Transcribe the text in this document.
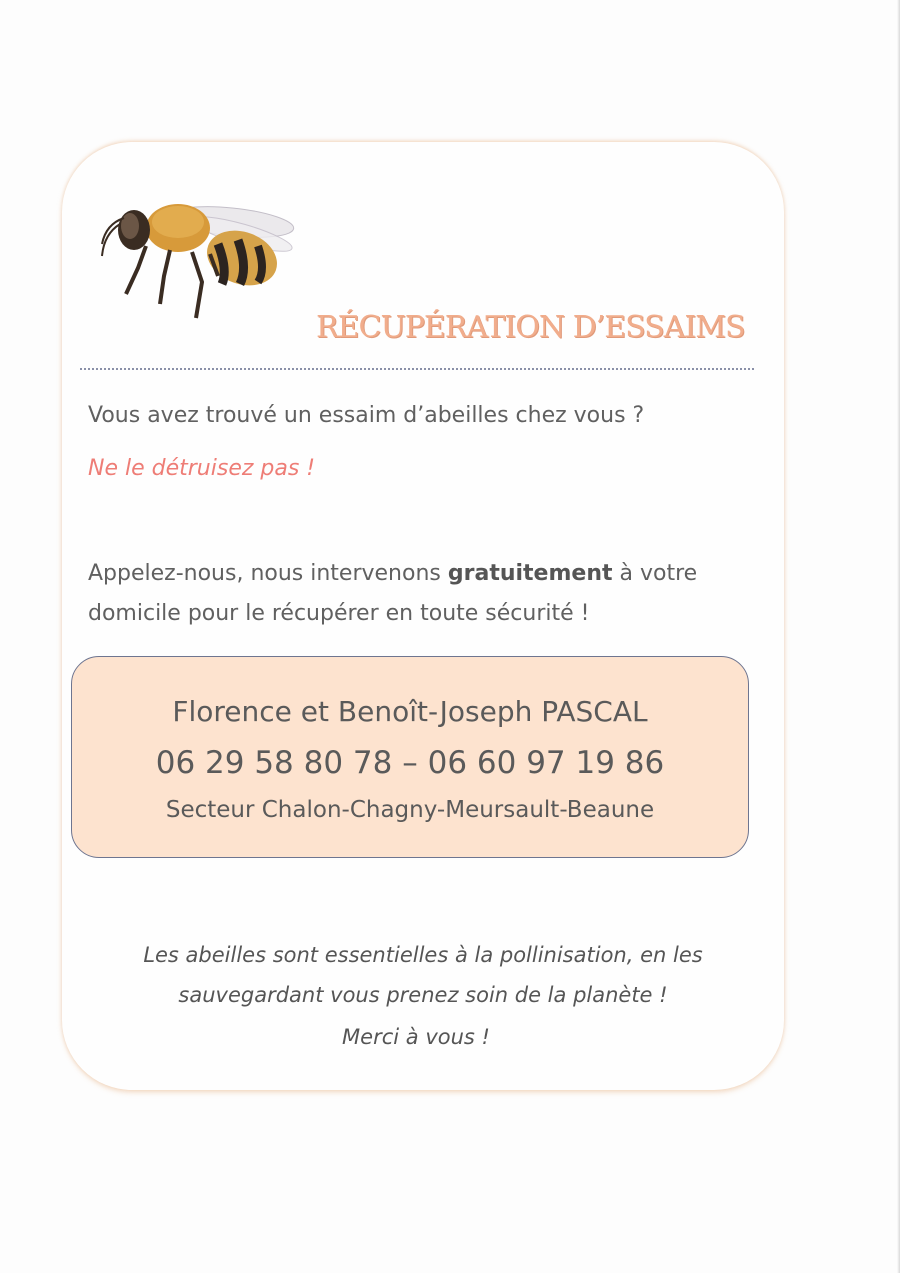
RÉCUPÉRATION D’ESSAIMS
Vous avez trouvé un essaim d’abeilles chez vous ?
Ne le détruisez pas !
Appelez-nous, nous intervenons gratuitement à votre domicile pour le récupérer en toute sécurité !
Florence et Benoît-Joseph PASCAL
06 29 58 80 78 – 06 60 97 19 86
Secteur Chalon-Chagny-Meursault-Beaune
Les abeilles sont essentielles à la pollinisation, en les
sauvegardant vous prenez soin de la planète !
Merci à vous !
